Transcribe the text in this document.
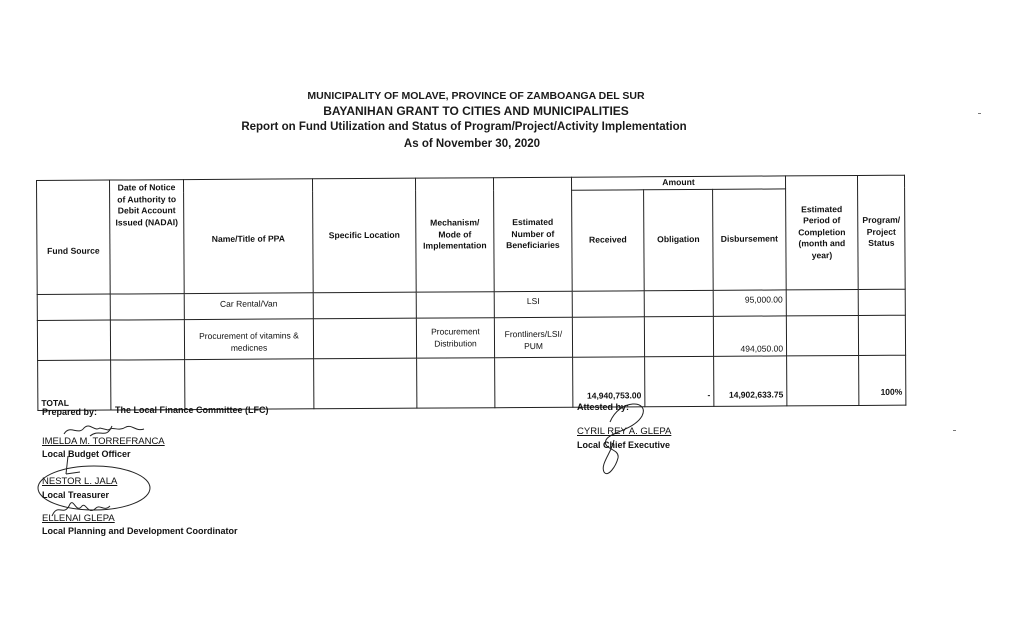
MUNICIPALITY OF MOLAVE, PROVINCE OF ZAMBOANGA DEL SUR
BAYANIHAN GRANT TO CITIES AND MUNICIPALITIES
Report on Fund Utilization and Status of Program/Project/Activity Implementation
As of November 30, 2020
Fund Source	Date of Notice of Authority to Debit Account Issued (NADAI)	Name/Title of PPA	Specific Location	Mechanism/ Mode of Implementation	Estimated Number of Beneficiaries	Amount			Estimated Period of Completion (month and year)	Program/ Project Status
						Received	Obligation	Disbursement		
		Car Rental/Van			LSI			95,000.00		
		Procurement of vitamins & medicnes		Procurement Distribution	Frontliners/LSI/ PUM			494,050.00		
TOTAL						14,940,753.00	-	14,902,633.75		100%
Prepared by: The Local Finance Committee (LFC)
IMELDA M. TORREFRANCA
Local Budget Officer
NESTOR L. JALA
Local Treasurer
ELLENAI GLEPA
Local Planning and Development Coordinator
Attested by:
CYRIL REY A. GLEPA
Local Chief Executive
